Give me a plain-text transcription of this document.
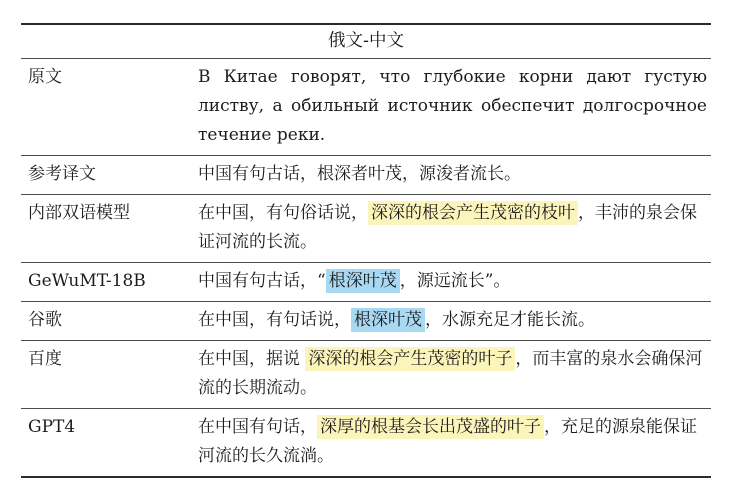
俄文-中文
原文	В Китае говорят, что глубокие корни дают густую листву, а обильный источник обеспечит долгосрочное течение реки.
参考译文	中国有句古话，根深者叶茂，源浚者流长。
内部双语模型	在中国，有句俗话说， 深深的根会产生茂密的枝叶 ，丰沛的泉会保证河流的长流。
GeWuMT-18B	中国有句古话，“ 根深叶茂 ，源远流长”。
谷歌	在中国，有句话说， 根深叶茂 ，水源充足才能长流。
百度	在中国，据说 深深的根会产生茂密的叶子 ，而丰富的泉水会确保河流的长期流动。
GPT4	在中国有句话， 深厚的根基会长出茂盛的叶子 ，充足的源泉能保证河流的长久流淌。
